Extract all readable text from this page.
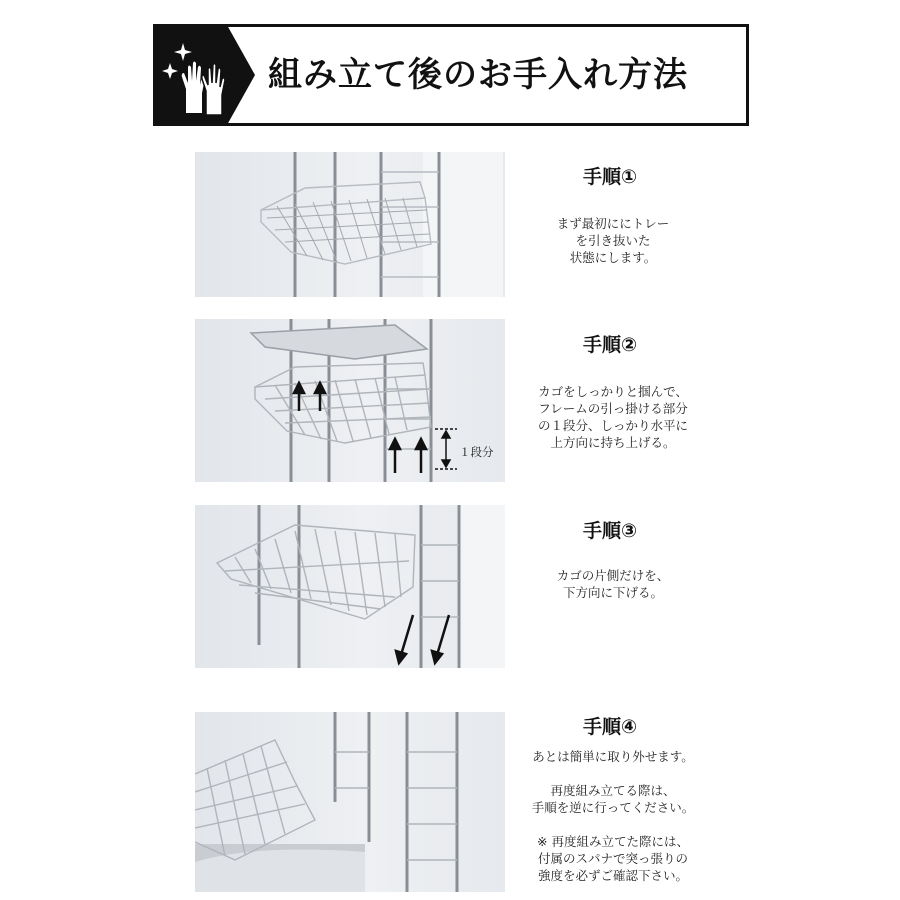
組み立て後のお手入れ方法
手順①
まず最初ににトレー
を引き抜いた
状態にします。
１段分
手順②
カゴをしっかりと掴んで、
フレームの引っ掛ける部分
の１段分、しっかり水平に
上方向に持ち上げる。
手順③
カゴの片側だけを、
下方向に下げる。
手順④
あとは簡単に取り外せます。
再度組み立てる際は、
手順を逆に行ってください。
※ 再度組み立てた際には、
付属のスパナで突っ張りの
強度を必ずご確認下さい。
